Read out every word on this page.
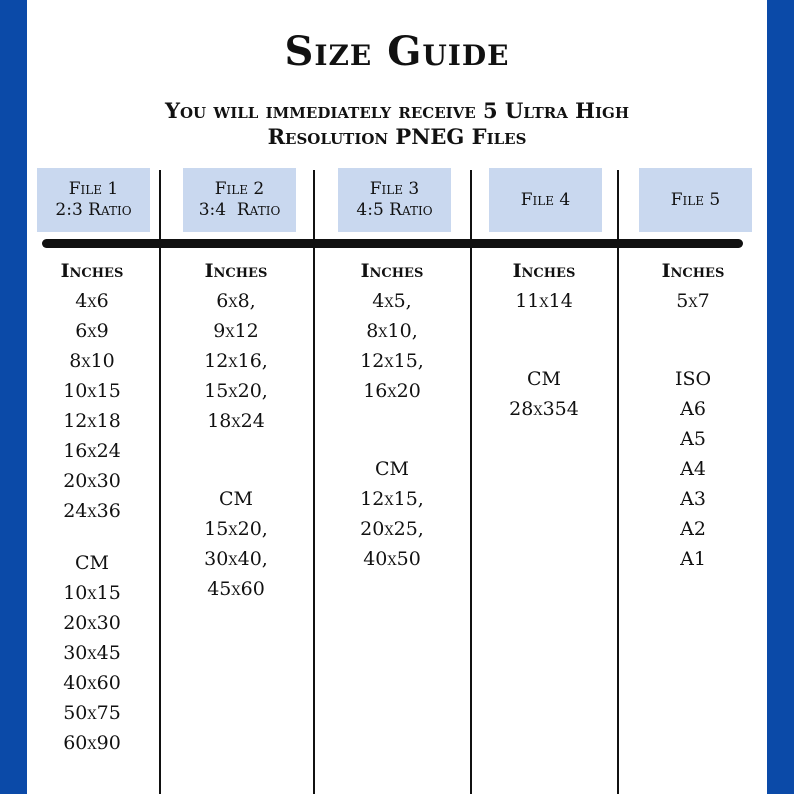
Size Guide
You will immediately receive 5 Ultra High
Resolution PNEG Files
File 1
2:3 Ratio
File 2
3:4  Ratio
File 3
4:5 Ratio
File 4	File 5
Inches
4x6
6x9
8x10
10x15
12x18
16x24
20x30
24x36
CM
10x15
20x30
30x45
40x60
50x75
60x90
Inches
6x8,
9x12
12x16,
15x20,
18x24
CM
15x20,
30x40,
45x60
Inches
4x5,
8x10,
12x15,
16x20
CM
12x15,
20x25,
40x50
Inches
11x14
CM
28x354
Inches
5x7
ISO
A6
A5
A4
A3
A2
A1
